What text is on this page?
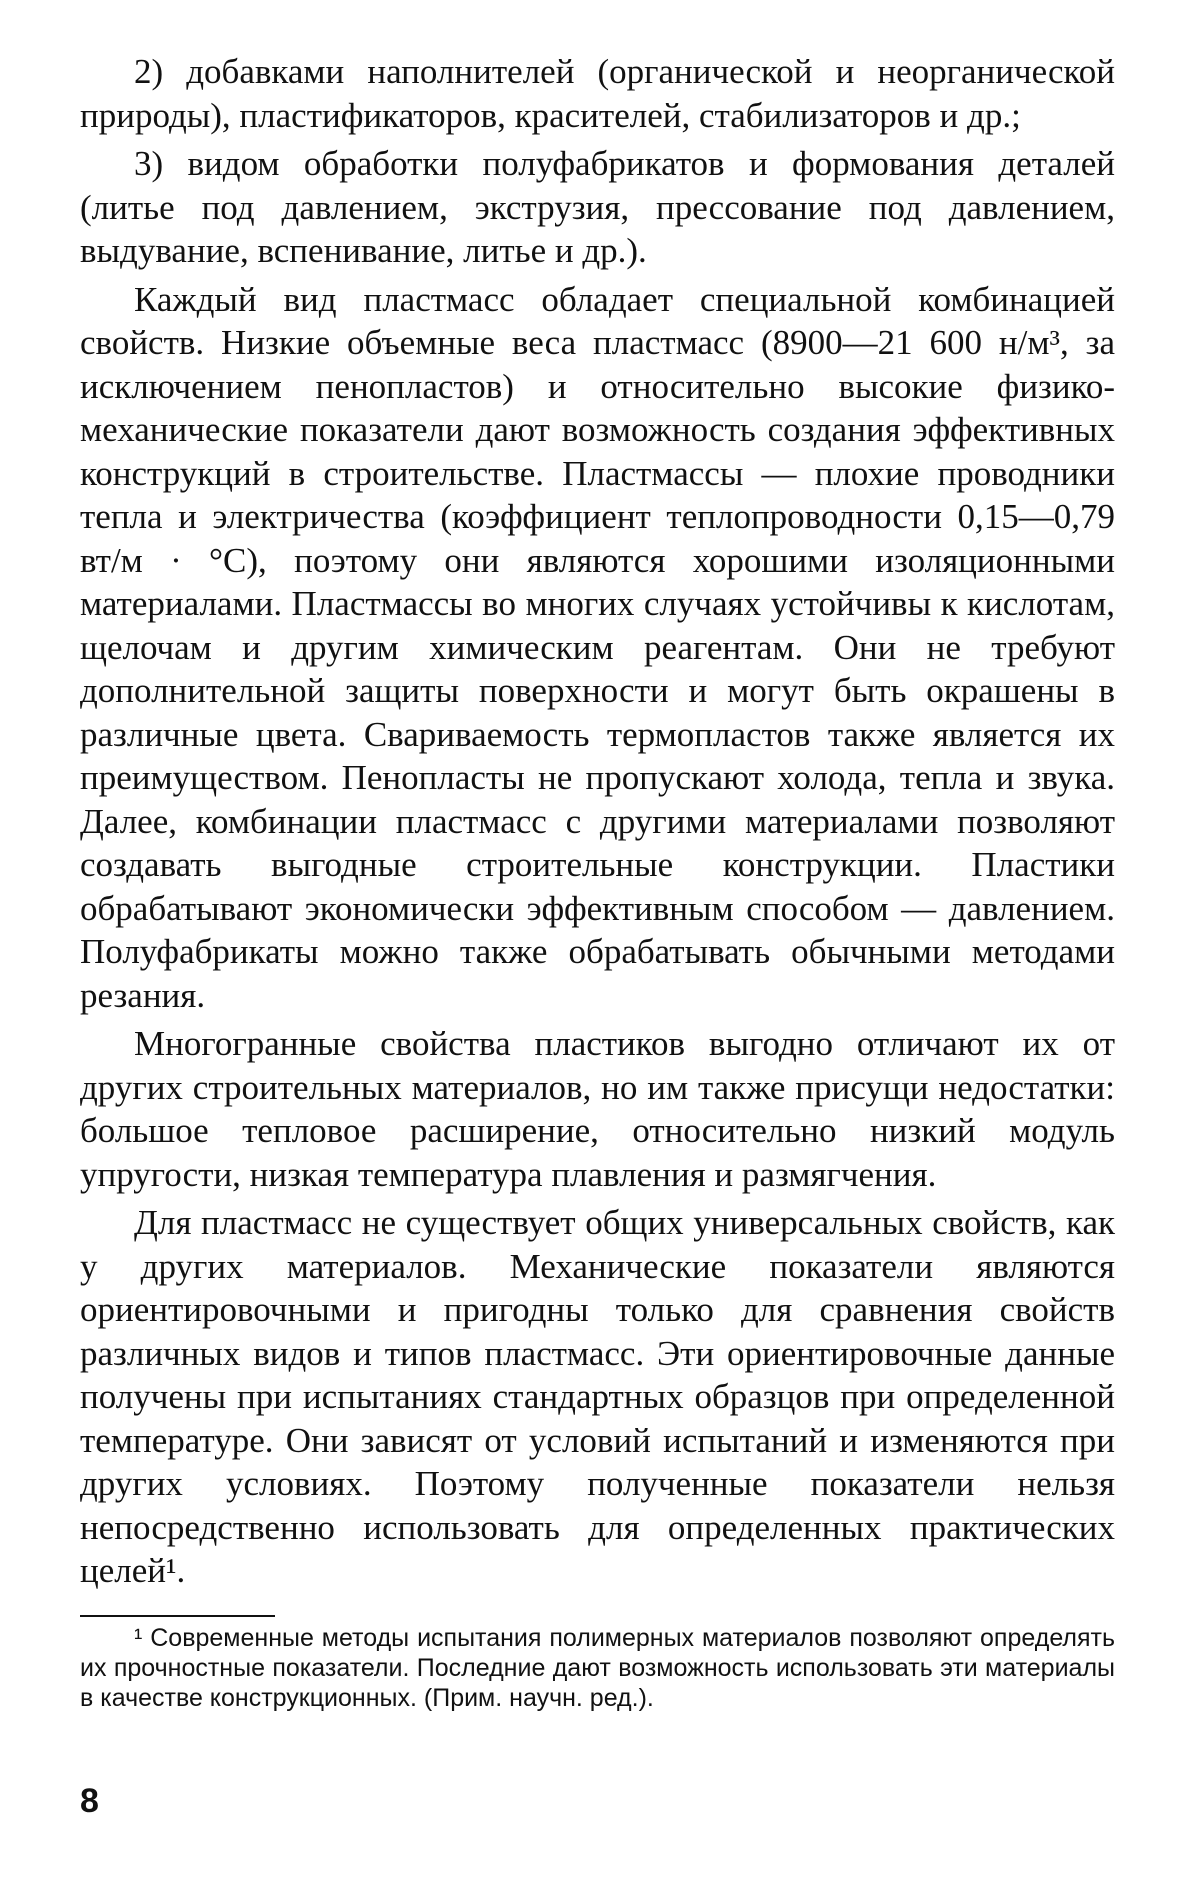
2) добавками наполнителей (органической и неорганической природы), пластификаторов, красителей, стабилизаторов и др.;

3) видом обработки полуфабрикатов и формования деталей (литье под давлением, экструзия, прессование под давлением, выдувание, вспенивание, литье и др.).

Каждый вид пластмасс обладает специальной комбинацией свойств. Низкие объемные веса пластмасс (8900—21 600 н/м³, за исключением пенопластов) и относительно высокие физико-механические показатели дают возможность создания эффективных конструкций в строительстве. Пластмассы — плохие проводники тепла и электричества (коэффициент теплопроводности 0,15—0,79 вт/м · °С), поэтому они являются хорошими изоляционными материалами. Пластмассы во многих случаях устойчивы к кислотам, щелочам и другим химическим реагентам. Они не требуют дополнительной защиты поверхности и могут быть окрашены в различные цвета. Свариваемость термопластов также является их преимуществом. Пенопласты не пропускают холода, тепла и звука. Далее, комбинации пластмасс с другими материалами позволяют создавать выгодные строительные конструкции. Пластики обрабатывают экономически эффективным способом — давлением. Полуфабрикаты можно также обрабатывать обычными методами резания.

Многогранные свойства пластиков выгодно отличают их от других строительных материалов, но им также присущи недостатки: большое тепловое расширение, относительно низкий модуль упругости, низкая температура плавления и размягчения.

Для пластмасс не существует общих универсальных свойств, как у других материалов. Механические показатели являются ориентировочными и пригодны только для сравнения свойств различных видов и типов пластмасс. Эти ориентировочные данные получены при испытаниях стандартных образцов при определенной температуре. Они зависят от условий испытаний и изменяются при других условиях. Поэтому полученные показатели нельзя непосредственно использовать для определенных практических целей¹.

¹ Современные методы испытания полимерных материалов позволяют определять их прочностные показатели. Последние дают возможность использовать эти материалы в качестве конструкционных. (Прим. научн. ред.).

8
